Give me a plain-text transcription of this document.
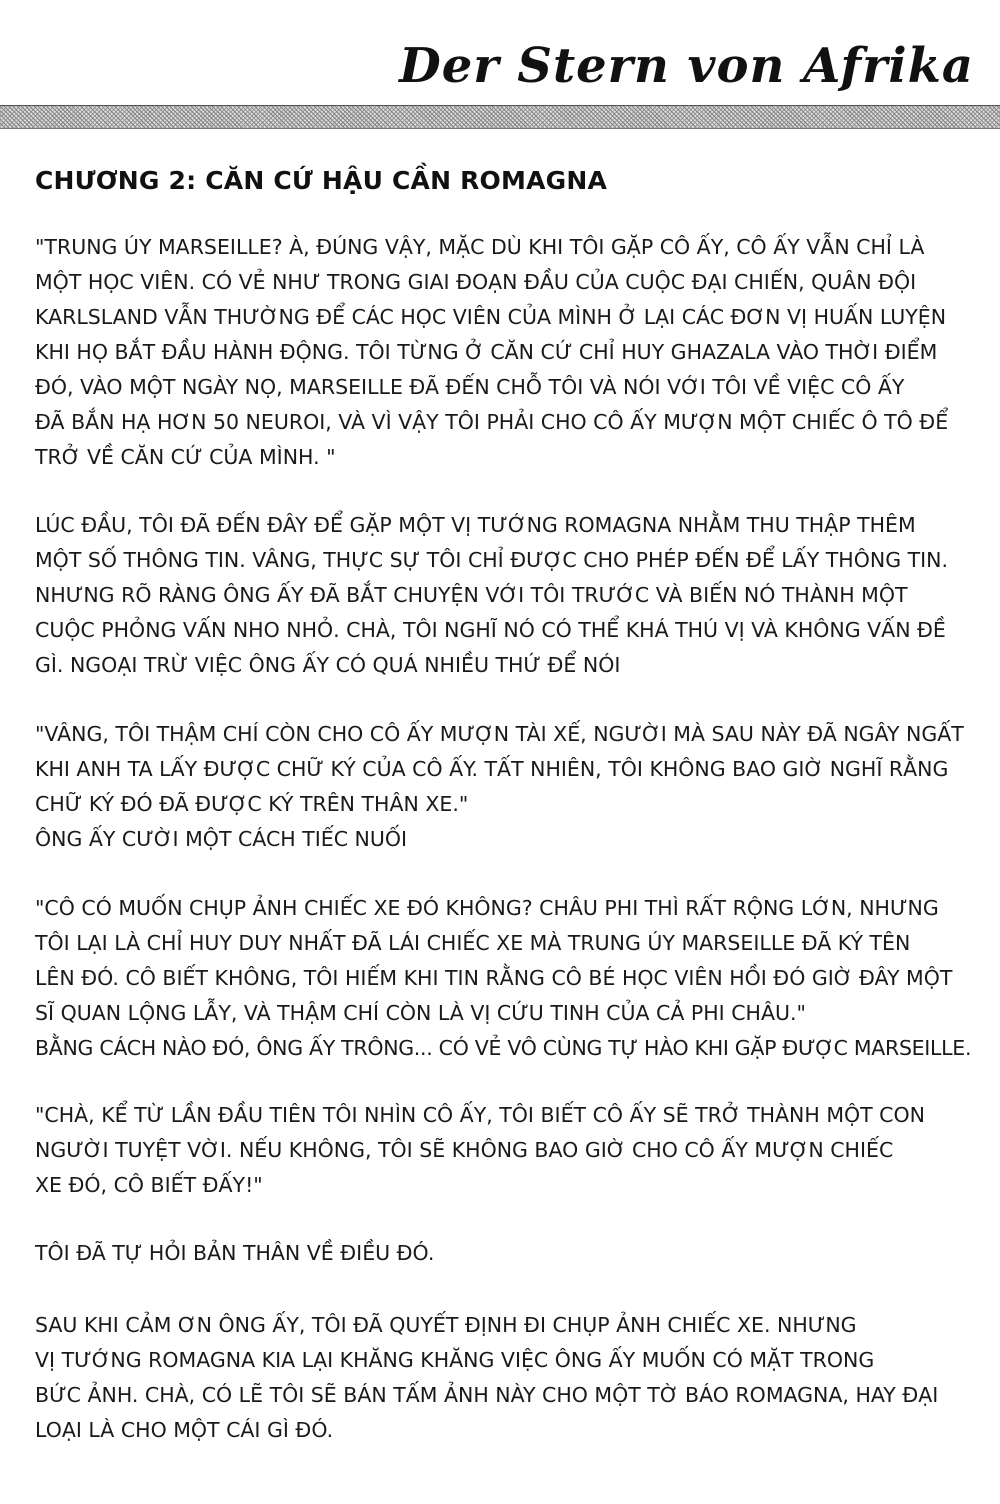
Der Stern von Afrika
CHƯƠNG 2: CĂN CỨ HẬU CẦN ROMAGNA
"TRUNG ÚY MARSEILLE? À, ĐÚNG VẬY, MẶC DÙ KHI TÔI GẶP CÔ ẤY, CÔ ẤY VẪN CHỈ LÀ
MỘT HỌC VIÊN. CÓ VẺ NHƯ TRONG GIAI ĐOẠN ĐẦU CỦA CUỘC ĐẠI CHIẾN, QUÂN ĐỘI
KARLSLAND VẪN THƯỜNG ĐỂ CÁC HỌC VIÊN CỦA MÌNH Ở LẠI CÁC ĐƠN VỊ HUẤN LUYỆN
KHI HỌ BẮT ĐẦU HÀNH ĐỘNG. TÔI TỪNG Ở CĂN CỨ CHỈ HUY GHAZALA VÀO THỜI ĐIỂM
ĐÓ, VÀO MỘT NGÀY NỌ, MARSEILLE ĐÃ ĐẾN CHỖ TÔI VÀ NÓI VỚI TÔI VỀ VIỆC CÔ ẤY
ĐÃ BẮN HẠ HƠN 50 NEUROI, VÀ VÌ VẬY TÔI PHẢI CHO CÔ ẤY MƯỢN MỘT CHIẾC Ô TÔ ĐỂ
TRỞ VỀ CĂN CỨ CỦA MÌNH. "
LÚC ĐẦU, TÔI ĐÃ ĐẾN ĐÂY ĐỂ GẶP MỘT VỊ TƯỚNG ROMAGNA NHẰM THU THẬP THÊM
MỘT SỐ THÔNG TIN. VÂNG, THỰC SỰ TÔI CHỈ ĐƯỢC CHO PHÉP ĐẾN ĐỂ LẤY THÔNG TIN.
NHƯNG RÕ RÀNG ÔNG ẤY ĐÃ BẮT CHUYỆN VỚI TÔI TRƯỚC VÀ BIẾN NÓ THÀNH MỘT
CUỘC PHỎNG VẤN NHO NHỎ. CHÀ, TÔI NGHĨ NÓ CÓ THỂ KHÁ THÚ VỊ VÀ KHÔNG VẤN ĐỀ
GÌ. NGOẠI TRỪ VIỆC ÔNG ẤY CÓ QUÁ NHIỀU THỨ ĐỂ NÓI
"VÂNG, TÔI THẬM CHÍ CÒN CHO CÔ ẤY MƯỢN TÀI XẾ, NGƯỜI MÀ SAU NÀY ĐÃ NGÂY NGẤT
KHI ANH TA LẤY ĐƯỢC CHỮ KÝ CỦA CÔ ẤY. TẤT NHIÊN, TÔI KHÔNG BAO GIỜ NGHĨ RẰNG
CHỮ KÝ ĐÓ ĐÃ ĐƯỢC KÝ TRÊN THÂN XE."
ÔNG ẤY CƯỜI MỘT CÁCH TIẾC NUỐI
"CÔ CÓ MUỐN CHỤP ẢNH CHIẾC XE ĐÓ KHÔNG? CHÂU PHI THÌ RẤT RỘNG LỚN, NHƯNG
TÔI LẠI LÀ CHỈ HUY DUY NHẤT ĐÃ LÁI CHIẾC XE MÀ TRUNG ÚY MARSEILLE ĐÃ KÝ TÊN
LÊN ĐÓ. CÔ BIẾT KHÔNG, TÔI HIẾM KHI TIN RẰNG CÔ BÉ HỌC VIÊN HỒI ĐÓ GIỜ ĐÂY MỘT
SĨ QUAN LỘNG LẪY, VÀ THẬM CHÍ CÒN LÀ VỊ CỨU TINH CỦA CẢ PHI CHÂU."
BẰNG CÁCH NÀO ĐÓ, ÔNG ẤY TRÔNG... CÓ VẺ VÔ CÙNG TỰ HÀO KHI GẶP ĐƯỢC MARSEILLE.
"CHÀ, KỂ TỪ LẦN ĐẦU TIÊN TÔI NHÌN CÔ ẤY, TÔI BIẾT CÔ ẤY SẼ TRỞ THÀNH MỘT CON
NGƯỜI TUYỆT VỜI. NẾU KHÔNG, TÔI SẼ KHÔNG BAO GIỜ CHO CÔ ẤY MƯỢN CHIẾC
XE ĐÓ, CÔ BIẾT ĐẤY!"
TÔI ĐÃ TỰ HỎI BẢN THÂN VỀ ĐIỀU ĐÓ.
SAU KHI CẢM ƠN ÔNG ẤY, TÔI ĐÃ QUYẾT ĐỊNH ĐI CHỤP ẢNH CHIẾC XE. NHƯNG
VỊ TƯỚNG ROMAGNA KIA LẠI KHĂNG KHĂNG VIỆC ÔNG ẤY MUỐN CÓ MẶT TRONG
BỨC ẢNH. CHÀ, CÓ LẼ TÔI SẼ BÁN TẤM ẢNH NÀY CHO MỘT TỜ BÁO ROMAGNA, HAY ĐẠI
LOẠI LÀ CHO MỘT CÁI GÌ ĐÓ.
